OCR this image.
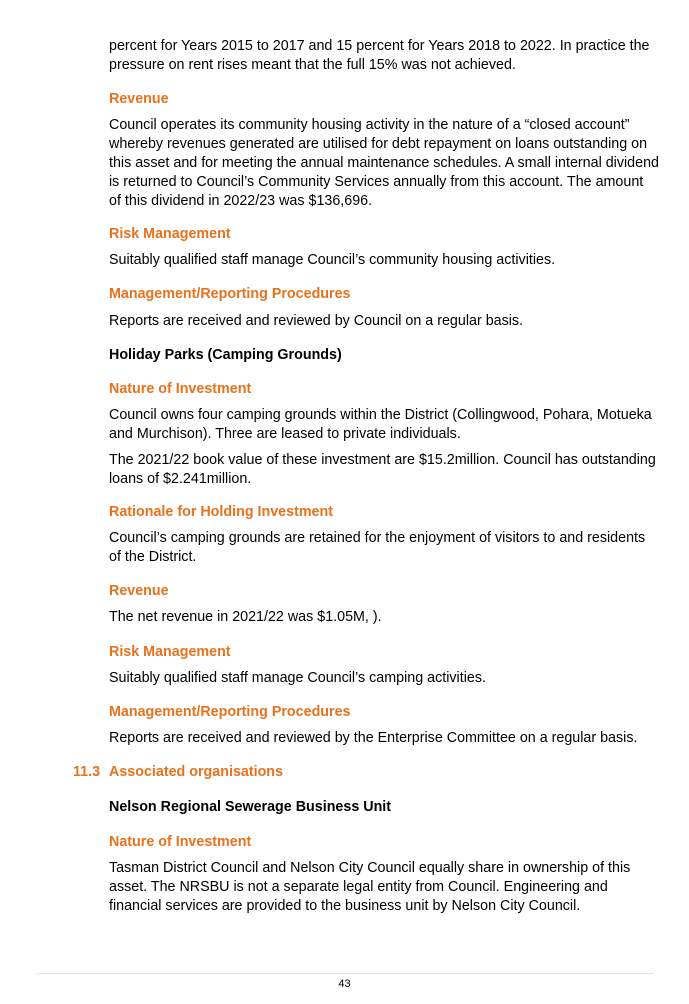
percent for Years 2015 to 2017 and 15 percent for Years 2018 to 2022. In practice the pressure on rent rises meant that the full 15% was not achieved.

Revenue

Council operates its community housing activity in the nature of a “closed account” whereby revenues generated are utilised for debt repayment on loans outstanding on this asset and for meeting the annual maintenance schedules. A small internal dividend is returned to Council’s Community Services annually from this account. The amount of this dividend in 2022/23 was $136,696.

Risk Management

Suitably qualified staff manage Council’s community housing activities.

Management/Reporting Procedures

Reports are received and reviewed by Council on a regular basis.

Holiday Parks (Camping Grounds)

Nature of Investment

Council owns four camping grounds within the District (Collingwood, Pohara, Motueka and Murchison). Three are leased to private individuals.

The 2021/22 book value of these investment are $15.2million. Council has outstanding loans of $2.241million.

Rationale for Holding Investment

Council’s camping grounds are retained for the enjoyment of visitors to and residents of the District.

Revenue

The net revenue in 2021/22 was $1.05M, ).

Risk Management

Suitably qualified staff manage Council’s camping activities.

Management/Reporting Procedures

Reports are received and reviewed by the Enterprise Committee on a regular basis.

11.3 Associated organisations

Nelson Regional Sewerage Business Unit

Nature of Investment

Tasman District Council and Nelson City Council equally share in ownership of this asset. The NRSBU is not a separate legal entity from Council. Engineering and financial services are provided to the business unit by Nelson City Council.

43
